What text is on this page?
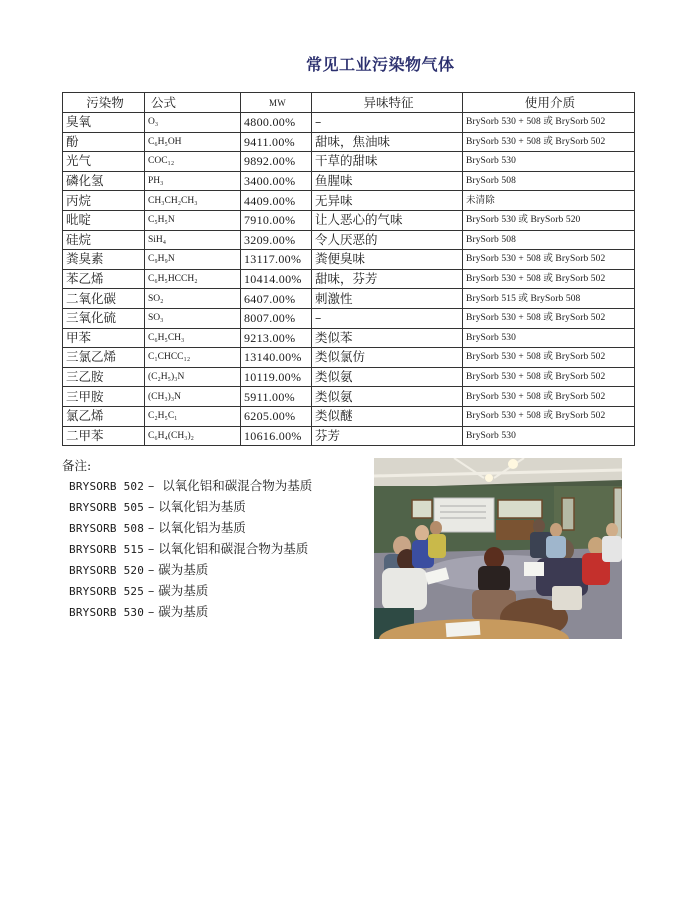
常见工业污染物气体
污染物	公式	MW	异味特征	使用介质
臭氧	O₃	4800.00%	–	BrySorb 530 + 508 或 BrySorb 502
酚	C₆H₅OH	9411.00%	甜味，焦油味	BrySorb 530 + 508 或 BrySorb 502
光气	COC₁₂	9892.00%	干草的甜味	BrySorb 530
磷化氢	PH₃	3400.00%	鱼腥味	BrySorb 508
丙烷	CH₃CH₂CH₃	4409.00%	无异味	未清除
吡啶	C₅H₅N	7910.00%	让人恶心的气味	BrySorb 530 或 BrySorb 520
硅烷	SiH₄	3209.00%	令人厌恶的	BrySorb 508
粪臭素	C₉H₉N	13117.00%	粪便臭味	BrySorb 530 + 508 或 BrySorb 502
苯乙烯	C₆H₅HCCH₂	10414.00%	甜味，芬芳	BrySorb 530 + 508 或 BrySorb 502
二氧化碳	SO₂	6407.00%	刺激性	BrySorb 515 或 BrySorb 508
三氧化硫	SO₃	8007.00%	–	BrySorb 530 + 508 或 BrySorb 502
甲苯	C₆H₅CH₃	9213.00%	类似苯	BrySorb 530
三氯乙烯	C₁CHCC₁₂	13140.00%	类似氯仿	BrySorb 530 + 508 或 BrySorb 502
三乙胺	(C₂H₅)₃N	10119.00%	类似氨	BrySorb 530 + 508 或 BrySorb 502
三甲胺	(CH₃)₃N	5911.00%	类似氨	BrySorb 530 + 508 或 BrySorb 502
氯乙烯	C₂H₅C₁	6205.00%	类似醚	BrySorb 530 + 508 或 BrySorb 502
二甲苯	C₆H₄(CH₃)₂	10616.00%	芬芳	BrySorb 530
备注:
BRYSORB 502 –  以氧化铝和碳混合物为基质
BRYSORB 505 – 以氧化铝为基质
BRYSORB 508 – 以氧化铝为基质
BRYSORB 515 – 以氧化铝和碳混合物为基质
BRYSORB 520 – 碳为基质
BRYSORB 525 – 碳为基质
BRYSORB 530 – 碳为基质
